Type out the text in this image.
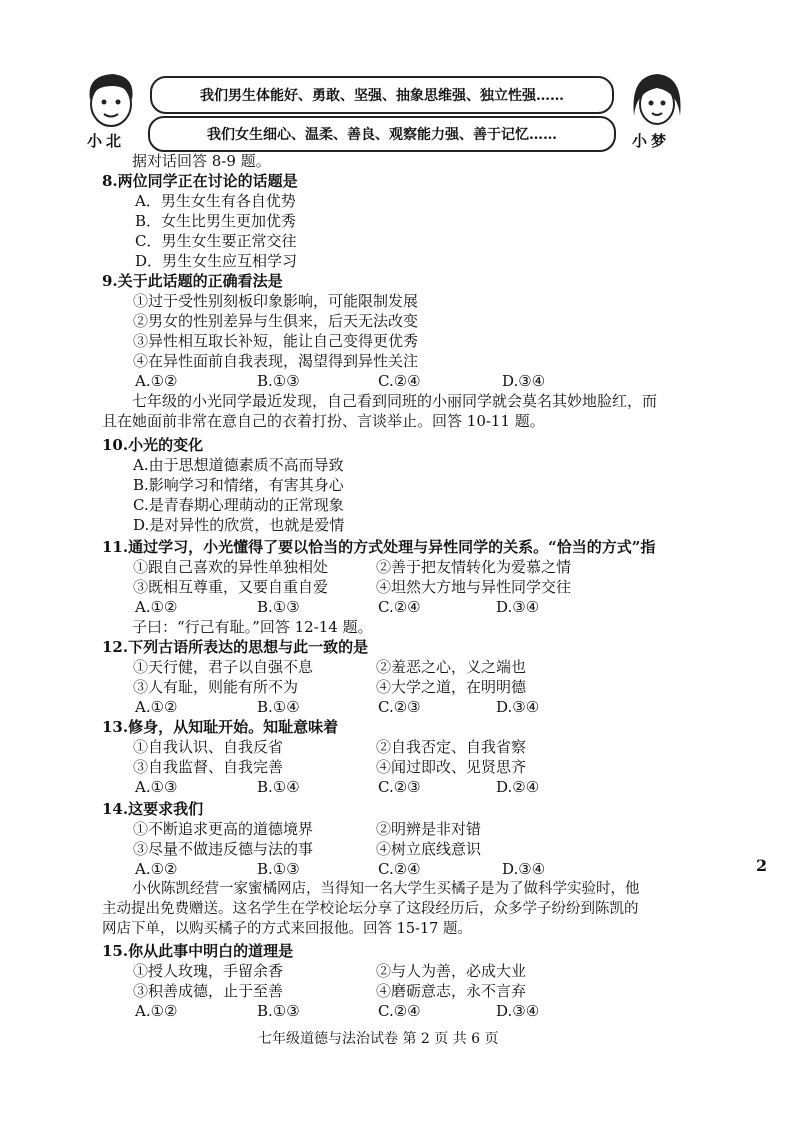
小北
我们男生体能好、勇敢、坚强、抽象思维强、独立性强……
我们女生细心、温柔、善良、观察能力强、善于记忆……	小梦
据对话回答 8-9 题。
8.两位同学正在讨论的话题是
A．男生女生有各自优势
B．女生比男生更加优秀
C．男生女生要正常交往
D．男生女生应互相学习
9.关于此话题的正确看法是
①过于受性别刻板印象影响，可能限制发展
②男女的性别差异与生俱来，后天无法改变
③异性相互取长补短，能让自己变得更优秀
④在异性面前自我表现，渴望得到异性关注
A.①②	B.①③	C.②④	D.③④
七年级的小光同学最近发现，自己看到同班的小丽同学就会莫名其妙地脸红，而
且在她面前非常在意自己的衣着打扮、言谈举止。回答 10-11 题。
10.小光的变化
A.由于思想道德素质不高而导致
B.影响学习和情绪，有害其身心
C.是青春期心理萌动的正常现象
D.是对异性的欣赏，也就是爱情
11.通过学习，小光懂得了要以恰当的方式处理与异性同学的关系。“恰当的方式”指
①跟自己喜欢的异性单独相处	②善于把友情转化为爱慕之情
③既相互尊重，又要自重自爱	④坦然大方地与异性同学交往
A.①②	B.①③	C.②④	D.③④
子曰：“行己有耻。”回答 12-14 题。
12.下列古语所表达的思想与此一致的是
①天行健，君子以自强不息	②羞恶之心，义之端也
③人有耻，则能有所不为	④大学之道，在明明德
A.①②	B.①④	C.②③	D.③④
13.修身，从知耻开始。知耻意味着
①自我认识、自我反省	②自我否定、自我省察
③自我监督、自我完善	④闻过即改、见贤思齐
A.①③	B.①④	C.②③	D.②④
14.这要求我们
①不断追求更高的道德境界	②明辨是非对错
③尽量不做违反德与法的事	④树立底线意识
A.①②	B.①③	C.②④	D.③④
小伙陈凯经营一家蜜橘网店，当得知一名大学生买橘子是为了做科学实验时，他
主动提出免费赠送。这名学生在学校论坛分享了这段经历后，众多学子纷纷到陈凯的
网店下单，以购买橘子的方式来回报他。回答 15-17 题。
15.你从此事中明白的道理是
①授人玫瑰，手留余香	②与人为善，必成大业
③积善成德，止于至善	④磨砺意志，永不言弃
A.①②	B.①③	C.②④	D.③④
七年级道德与法治试卷 第 2 页 共 6 页
2
